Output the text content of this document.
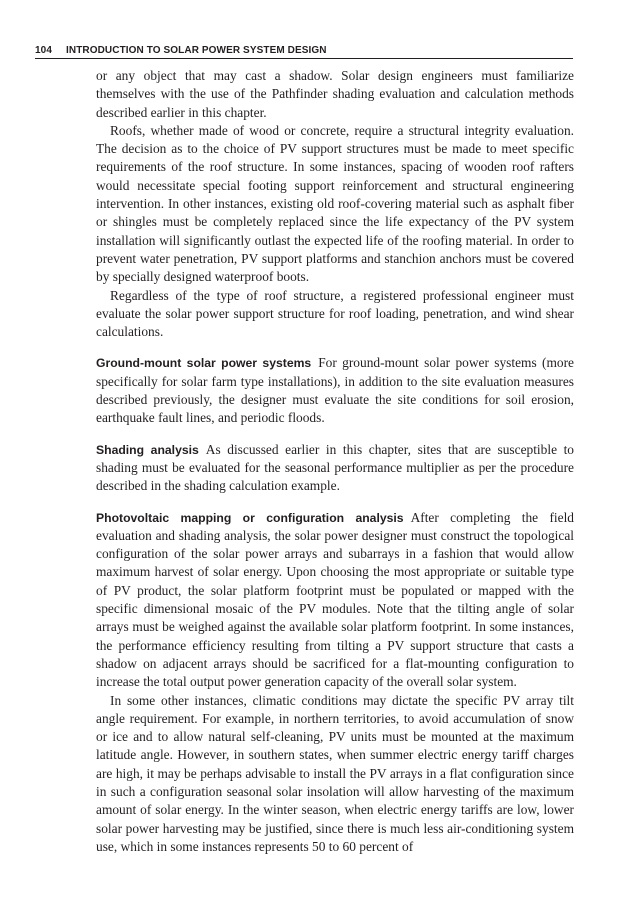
104 INTRODUCTION TO SOLAR POWER SYSTEM DESIGN

or any object that may cast a shadow. Solar design engineers must familiarize themselves with the use of the Pathfinder shading evaluation and calculation methods described earlier in this chapter.

Roofs, whether made of wood or concrete, require a structural integrity evaluation. The decision as to the choice of PV support structures must be made to meet specific requirements of the roof structure. In some instances, spacing of wooden roof rafters would necessitate special footing support reinforcement and structural engineering intervention. In other instances, existing old roof-covering material such as asphalt fiber or shingles must be completely replaced since the life expectancy of the PV system installation will significantly outlast the expected life of the roofing material. In order to prevent water penetration, PV support platforms and stanchion anchors must be covered by specially designed waterproof boots.

Regardless of the type of roof structure, a registered professional engineer must evaluate the solar power support structure for roof loading, penetration, and wind shear calculations.

Ground-mount solar power systems For ground-mount solar power systems (more specifically for solar farm type installations), in addition to the site evaluation measures described previously, the designer must evaluate the site conditions for soil erosion, earthquake fault lines, and periodic floods.

Shading analysis As discussed earlier in this chapter, sites that are susceptible to shading must be evaluated for the seasonal performance multiplier as per the procedure described in the shading calculation example.

Photovoltaic mapping or configuration analysis After completing the field evaluation and shading analysis, the solar power designer must construct the topological configuration of the solar power arrays and subarrays in a fashion that would allow maximum harvest of solar energy. Upon choosing the most appropriate or suitable type of PV product, the solar platform footprint must be populated or mapped with the specific dimensional mosaic of the PV modules. Note that the tilting angle of solar arrays must be weighed against the available solar platform footprint. In some instances, the performance efficiency resulting from tilting a PV support structure that casts a shadow on adjacent arrays should be sacrificed for a flat-mounting configuration to increase the total output power generation capacity of the overall solar system.

In some other instances, climatic conditions may dictate the specific PV array tilt angle requirement. For example, in northern territories, to avoid accumulation of snow or ice and to allow natural self-cleaning, PV units must be mounted at the maximum latitude angle. However, in southern states, when summer electric energy tariff charges are high, it may be perhaps advisable to install the PV arrays in a flat configuration since in such a configuration seasonal solar insolation will allow harvesting of the maximum amount of solar energy. In the winter season, when electric energy tariffs are low, lower solar power harvesting may be justified, since there is much less air-conditioning system use, which in some instances represents 50 to 60 percent of
